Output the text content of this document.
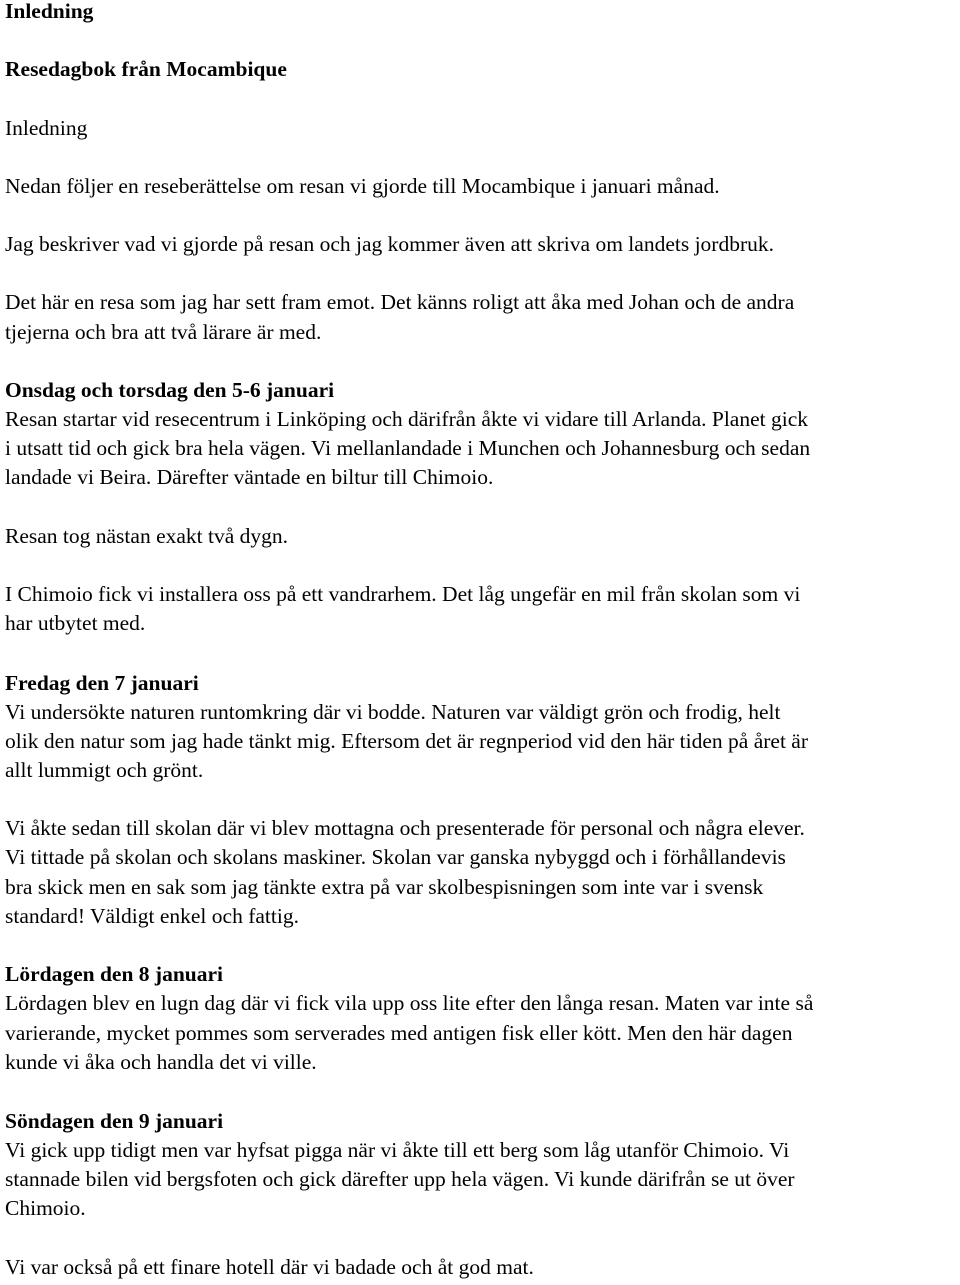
Inledning
Resedagbok från Mocambique
Inledning
Nedan följer en reseberättelse om resan vi gjorde till Mocambique i januari månad.
Jag beskriver vad vi gjorde på resan och jag kommer även att skriva om landets jordbruk.
Det här en resa som jag har sett fram emot. Det känns roligt att åka med Johan och de andra
tjejerna och bra att två lärare är med.
Onsdag och torsdag den 5-6 januari
Resan startar vid resecentrum i Linköping och därifrån åkte vi vidare till Arlanda. Planet gick
i utsatt tid och gick bra hela vägen. Vi mellanlandade i Munchen och Johannesburg och sedan
landade vi Beira. Därefter väntade en biltur till Chimoio.
Resan tog nästan exakt två dygn.
I Chimoio fick vi installera oss på ett vandrarhem. Det låg ungefär en mil från skolan som vi
har utbytet med.
Fredag den 7 januari
Vi undersökte naturen runtomkring där vi bodde. Naturen var väldigt grön och frodig, helt
olik den natur som jag hade tänkt mig. Eftersom det är regnperiod vid den här tiden på året är
allt lummigt och grönt.
Vi åkte sedan till skolan där vi blev mottagna och presenterade för personal och några elever.
Vi tittade på skolan och skolans maskiner. Skolan var ganska nybyggd och i förhållandevis
bra skick men en sak som jag tänkte extra på var skolbespisningen som inte var i svensk
standard! Väldigt enkel och fattig.
Lördagen den 8 januari
Lördagen blev en lugn dag där vi fick vila upp oss lite efter den långa resan. Maten var inte så
varierande, mycket pommes som serverades med antigen fisk eller kött. Men den här dagen
kunde vi åka och handla det vi ville.
Söndagen den 9 januari
Vi gick upp tidigt men var hyfsat pigga när vi åkte till ett berg som låg utanför Chimoio. Vi
stannade bilen vid bergsfoten och gick därefter upp hela vägen. Vi kunde därifrån se ut över
Chimoio.
Vi var också på ett finare hotell där vi badade och åt god mat.
